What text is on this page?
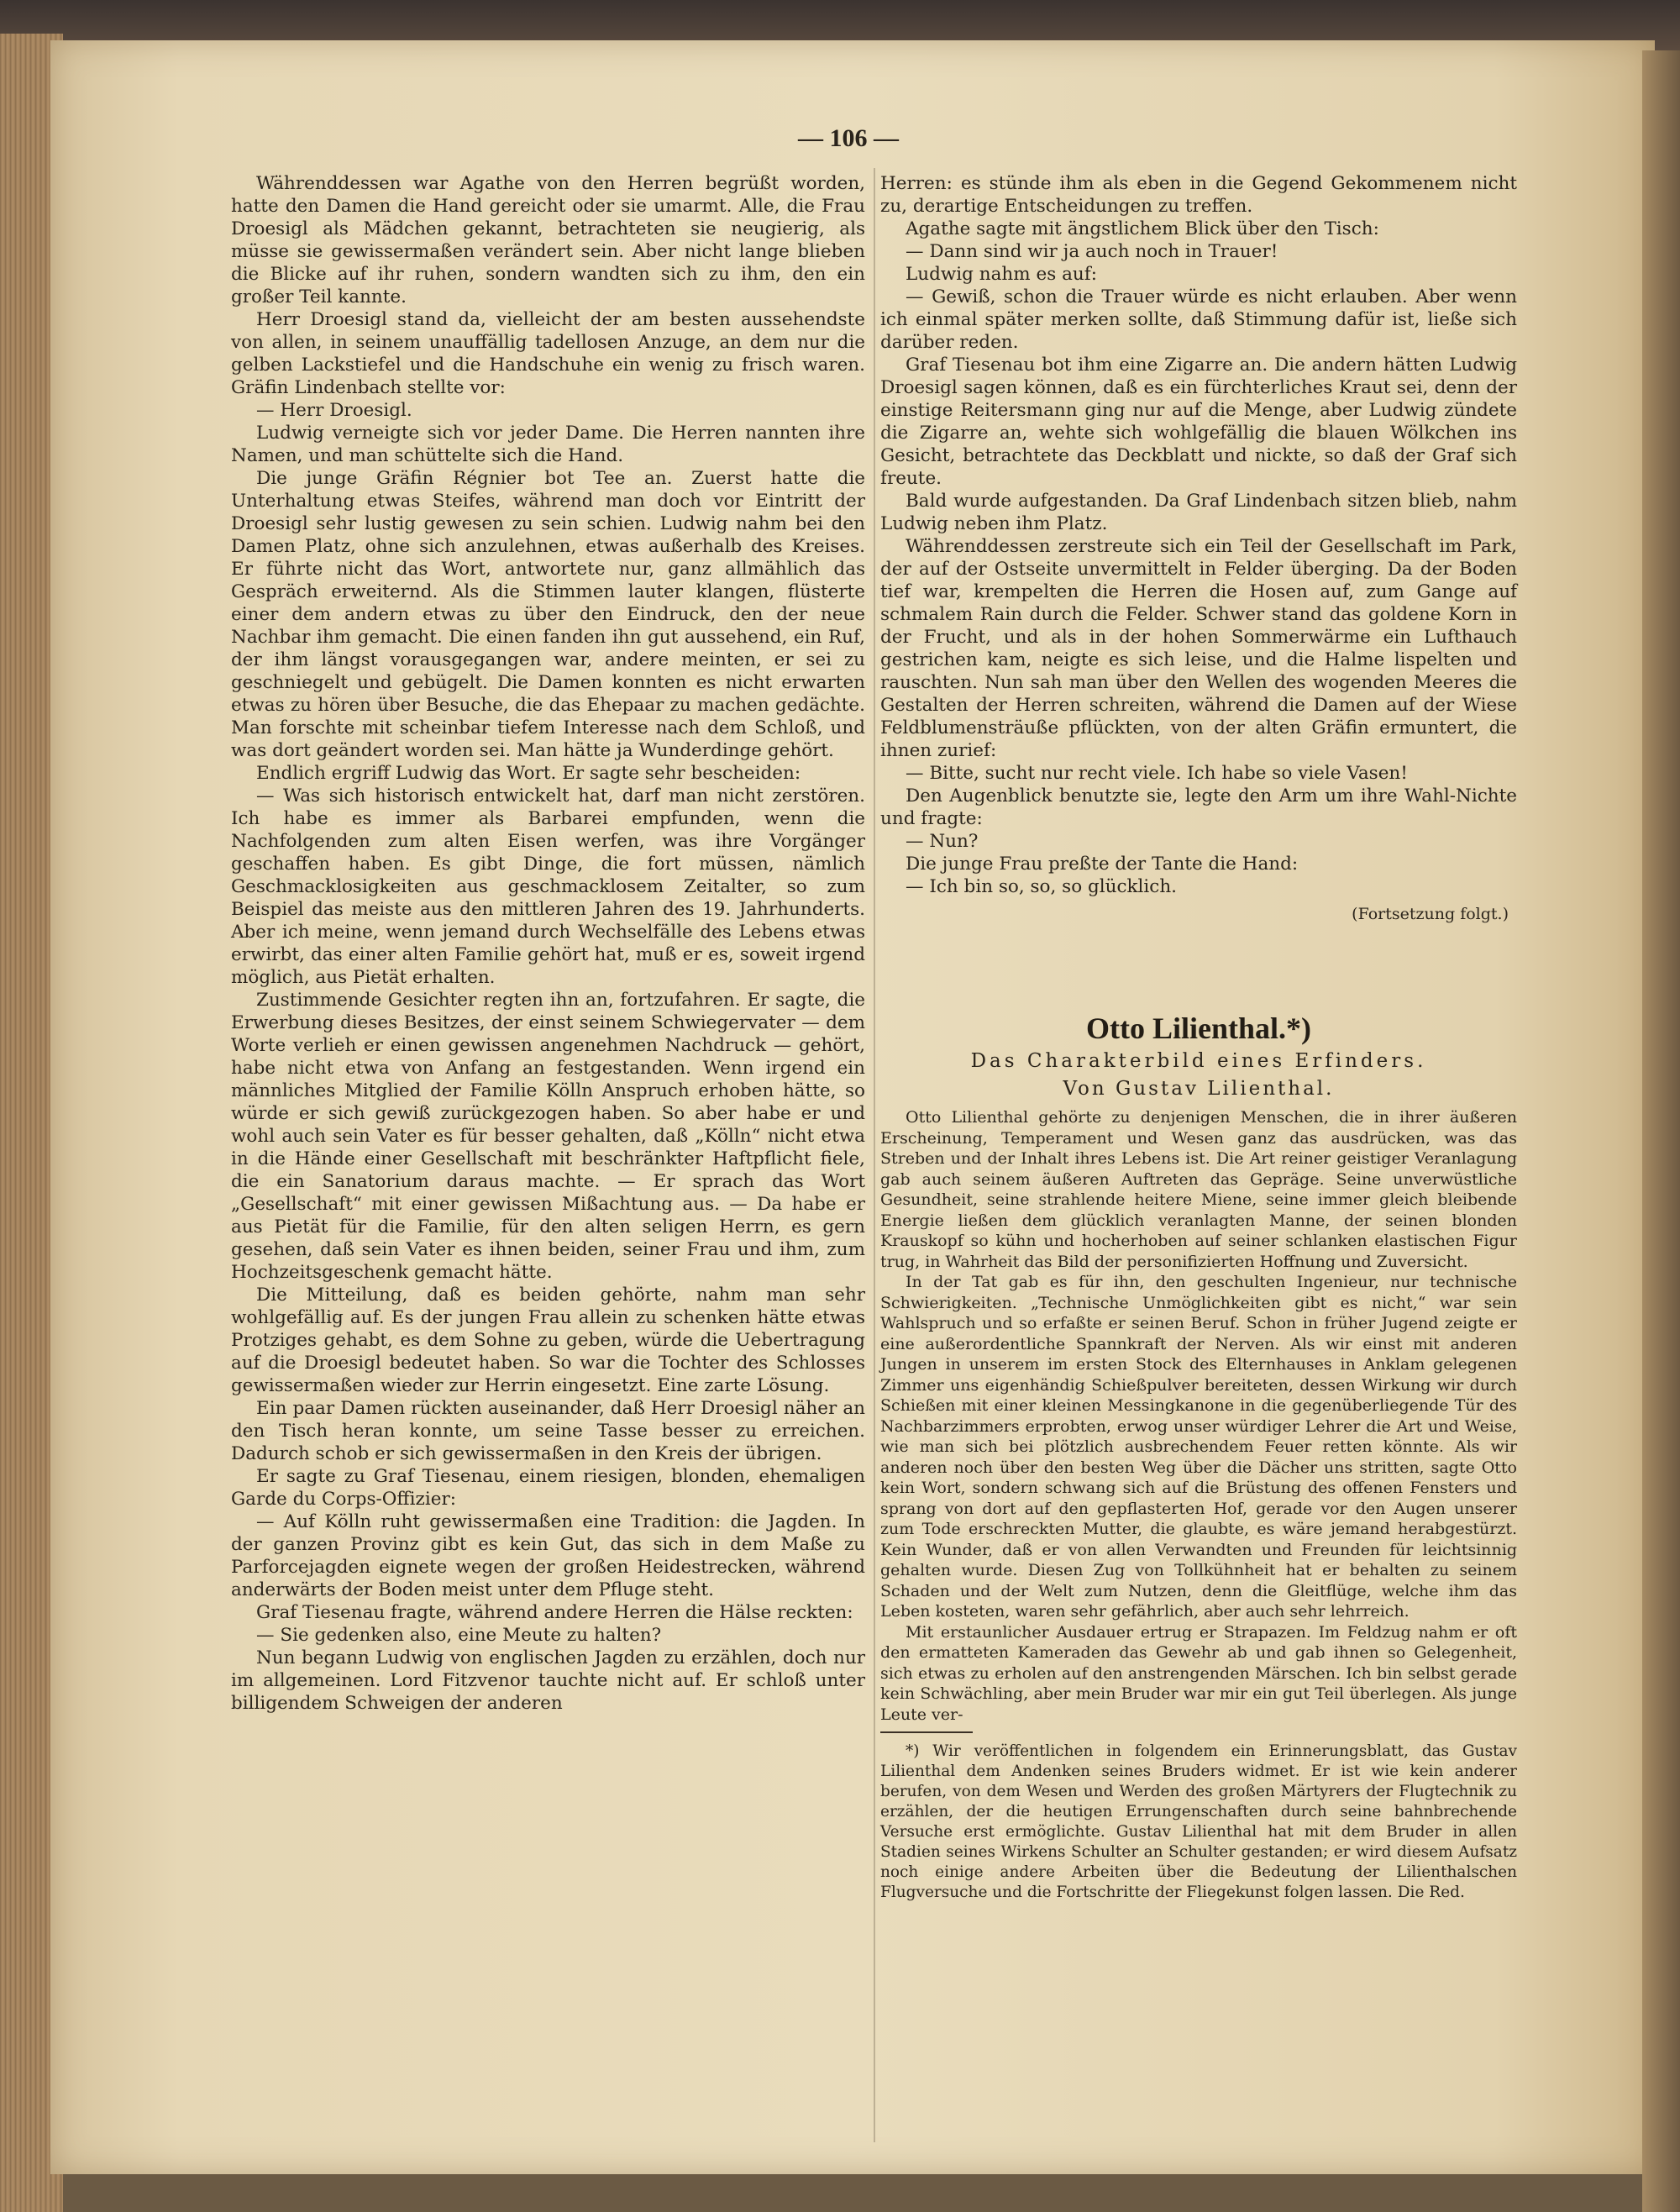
— 106 —

Währenddessen war Agathe von den Herren begrüßt worden, hatte den Damen die Hand gereicht oder sie umarmt. Alle, die Frau Droesigl als Mädchen gekannt, betrachteten sie neugierig, als müsse sie gewissermaßen verändert sein. Aber nicht lange blieben die Blicke auf ihr ruhen, sondern wandten sich zu ihm, den ein großer Teil kannte.

Herr Droesigl stand da, vielleicht der am besten aussehendste von allen, in seinem unauffällig tadellosen Anzuge, an dem nur die gelben Lackstiefel und die Handschuhe ein wenig zu frisch waren. Gräfin Lindenbach stellte vor:

— Herr Droesigl.

Ludwig verneigte sich vor jeder Dame. Die Herren nannten ihre Namen, und man schüttelte sich die Hand.

Die junge Gräfin Régnier bot Tee an. Zuerst hatte die Unterhaltung etwas Steifes, während man doch vor Eintritt der Droesigl sehr lustig gewesen zu sein schien. Ludwig nahm bei den Damen Platz, ohne sich anzulehnen, etwas außerhalb des Kreises. Er führte nicht das Wort, antwortete nur, ganz allmählich das Gespräch erweiternd. Als die Stimmen lauter klangen, flüsterte einer dem andern etwas zu über den Eindruck, den der neue Nachbar ihm gemacht. Die einen fanden ihn gut aussehend, ein Ruf, der ihm längst vorausgegangen war, andere meinten, er sei zu geschniegelt und gebügelt. Die Damen konnten es nicht erwarten etwas zu hören über Besuche, die das Ehepaar zu machen gedächte. Man forschte mit scheinbar tiefem Interesse nach dem Schloß, und was dort geändert worden sei. Man hätte ja Wunderdinge gehört.

Endlich ergriff Ludwig das Wort. Er sagte sehr bescheiden:

— Was sich historisch entwickelt hat, darf man nicht zerstören. Ich habe es immer als Barbarei empfunden, wenn die Nachfolgenden zum alten Eisen werfen, was ihre Vorgänger geschaffen haben. Es gibt Dinge, die fort müssen, nämlich Geschmacklosigkeiten aus geschmacklosem Zeitalter, so zum Beispiel das meiste aus den mittleren Jahren des 19. Jahrhunderts. Aber ich meine, wenn jemand durch Wechselfälle des Lebens etwas erwirbt, das einer alten Familie gehört hat, muß er es, soweit irgend möglich, aus Pietät erhalten.

Zustimmende Gesichter regten ihn an, fortzufahren. Er sagte, die Erwerbung dieses Besitzes, der einst seinem Schwiegervater — dem Worte verlieh er einen gewissen angenehmen Nachdruck — gehört, habe nicht etwa von Anfang an festgestanden. Wenn irgend ein männliches Mitglied der Familie Kölln Anspruch erhoben hätte, so würde er sich gewiß zurückgezogen haben. So aber habe er und wohl auch sein Vater es für besser gehalten, daß „Kölln“ nicht etwa in die Hände einer Gesellschaft mit beschränkter Haftpflicht fiele, die ein Sanatorium daraus machte. — Er sprach das Wort „Gesellschaft“ mit einer gewissen Mißachtung aus. — Da habe er aus Pietät für die Familie, für den alten seligen Herrn, es gern gesehen, daß sein Vater es ihnen beiden, seiner Frau und ihm, zum Hochzeitsgeschenk gemacht hätte.

Die Mitteilung, daß es beiden gehörte, nahm man sehr wohlgefällig auf. Es der jungen Frau allein zu schenken hätte etwas Protziges gehabt, es dem Sohne zu geben, würde die Uebertragung auf die Droesigl bedeutet haben. So war die Tochter des Schlosses gewissermaßen wieder zur Herrin eingesetzt. Eine zarte Lösung.

Ein paar Damen rückten auseinander, daß Herr Droesigl näher an den Tisch heran konnte, um seine Tasse besser zu erreichen. Dadurch schob er sich gewissermaßen in den Kreis der übrigen.

Er sagte zu Graf Tiesenau, einem riesigen, blonden, ehemaligen Garde du Corps-Offizier:

— Auf Kölln ruht gewissermaßen eine Tradition: die Jagden. In der ganzen Provinz gibt es kein Gut, das sich in dem Maße zu Parforcejagden eignete wegen der großen Heidestrecken, während anderwärts der Boden meist unter dem Pfluge steht.

Graf Tiesenau fragte, während andere Herren die Hälse reckten:

— Sie gedenken also, eine Meute zu halten?

Nun begann Ludwig von englischen Jagden zu erzählen, doch nur im allgemeinen. Lord Fitzvenor tauchte nicht auf. Er schloß unter billigendem Schweigen der anderen

Herren: es stünde ihm als eben in die Gegend Gekommenem nicht zu, derartige Entscheidungen zu treffen.

Agathe sagte mit ängstlichem Blick über den Tisch:

— Dann sind wir ja auch noch in Trauer!

Ludwig nahm es auf:

— Gewiß, schon die Trauer würde es nicht erlauben. Aber wenn ich einmal später merken sollte, daß Stimmung dafür ist, ließe sich darüber reden.

Graf Tiesenau bot ihm eine Zigarre an. Die andern hätten Ludwig Droesigl sagen können, daß es ein fürchterliches Kraut sei, denn der einstige Reitersmann ging nur auf die Menge, aber Ludwig zündete die Zigarre an, wehte sich wohlgefällig die blauen Wölkchen ins Gesicht, betrachtete das Deckblatt und nickte, so daß der Graf sich freute.

Bald wurde aufgestanden. Da Graf Lindenbach sitzen blieb, nahm Ludwig neben ihm Platz.

Währenddessen zerstreute sich ein Teil der Gesellschaft im Park, der auf der Ostseite unvermittelt in Felder überging. Da der Boden tief war, krempelten die Herren die Hosen auf, zum Gange auf schmalem Rain durch die Felder. Schwer stand das goldene Korn in der Frucht, und als in der hohen Sommerwärme ein Lufthauch gestrichen kam, neigte es sich leise, und die Halme lispelten und rauschten. Nun sah man über den Wellen des wogenden Meeres die Gestalten der Herren schreiten, während die Damen auf der Wiese Feldblumensträuße pflückten, von der alten Gräfin ermuntert, die ihnen zurief:

— Bitte, sucht nur recht viele. Ich habe so viele Vasen!

Den Augenblick benutzte sie, legte den Arm um ihre Wahl-Nichte und fragte:

— Nun?

Die junge Frau preßte der Tante die Hand:

— Ich bin so, so, so glücklich.

(Fortsetzung folgt.)
Otto Lilienthal.*)
Das Charakterbild eines Erfinders.
Von Gustav Lilienthal.

Otto Lilienthal gehörte zu denjenigen Menschen, die in ihrer äußeren Erscheinung, Temperament und Wesen ganz das ausdrücken, was das Streben und der Inhalt ihres Lebens ist. Die Art reiner geistiger Veranlagung gab auch seinem äußeren Auftreten das Gepräge. Seine unverwüstliche Gesundheit, seine strahlende heitere Miene, seine immer gleich bleibende Energie ließen dem glücklich veranlagten Manne, der seinen blonden Krauskopf so kühn und hocherhoben auf seiner schlanken elastischen Figur trug, in Wahrheit das Bild der personifizierten Hoffnung und Zuversicht.

In der Tat gab es für ihn, den geschulten Ingenieur, nur technische Schwierigkeiten. „Technische Unmöglichkeiten gibt es nicht,“ war sein Wahlspruch und so erfaßte er seinen Beruf. Schon in früher Jugend zeigte er eine außerordentliche Spannkraft der Nerven. Als wir einst mit anderen Jungen in unserem im ersten Stock des Elternhauses in Anklam gelegenen Zimmer uns eigenhändig Schießpulver bereiteten, dessen Wirkung wir durch Schießen mit einer kleinen Messingkanone in die gegenüberliegende Tür des Nachbarzimmers erprobten, erwog unser würdiger Lehrer die Art und Weise, wie man sich bei plötzlich ausbrechendem Feuer retten könnte. Als wir anderen noch über den besten Weg über die Dächer uns stritten, sagte Otto kein Wort, sondern schwang sich auf die Brüstung des offenen Fensters und sprang von dort auf den gepflasterten Hof, gerade vor den Augen unserer zum Tode erschreckten Mutter, die glaubte, es wäre jemand herabgestürzt. Kein Wunder, daß er von allen Verwandten und Freunden für leichtsinnig gehalten wurde. Diesen Zug von Tollkühnheit hat er behalten zu seinem Schaden und der Welt zum Nutzen, denn die Gleitflüge, welche ihm das Leben kosteten, waren sehr gefährlich, aber auch sehr lehrreich.

Mit erstaunlicher Ausdauer ertrug er Strapazen. Im Feldzug nahm er oft den ermatteten Kameraden das Gewehr ab und gab ihnen so Gelegenheit, sich etwas zu erholen auf den anstrengenden Märschen. Ich bin selbst gerade kein Schwächling, aber mein Bruder war mir ein gut Teil überlegen. Als junge Leute ver-

*) Wir veröffentlichen in folgendem ein Erinnerungsblatt, das Gustav Lilienthal dem Andenken seines Bruders widmet. Er ist wie kein anderer berufen, von dem Wesen und Werden des großen Märtyrers der Flugtechnik zu erzählen, der die heutigen Errungenschaften durch seine bahnbrechende Versuche erst ermöglichte. Gustav Lilienthal hat mit dem Bruder in allen Stadien seines Wirkens Schulter an Schulter gestanden; er wird diesem Aufsatz noch einige andere Arbeiten über die Bedeutung der Lilienthalschen Flugversuche und die Fortschritte der Fliegekunst folgen lassen. Die Red.
